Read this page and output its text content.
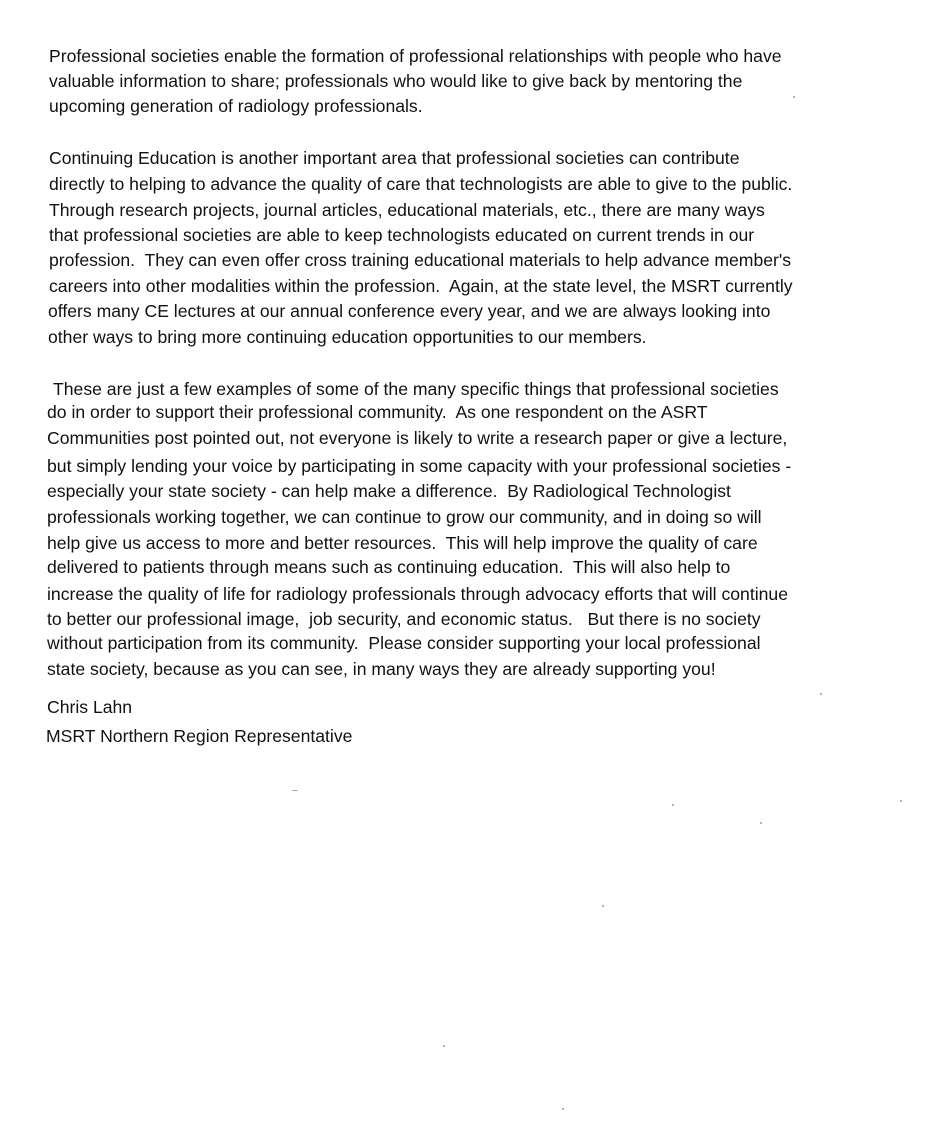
Professional societies enable the formation of professional relationships with people who have
valuable information to share; professionals who would like to give back by mentoring the
upcoming generation of radiology professionals.
Continuing Education is another important area that professional societies can contribute
directly to helping to advance the quality of care that technologists are able to give to the public.
Through research projects, journal articles, educational materials, etc., there are many ways
that professional societies are able to keep technologists educated on current trends in our
profession.  They can even offer cross training educational materials to help advance member's
careers into other modalities within the profession.  Again, at the state level, the MSRT currently
offers many CE lectures at our annual conference every year, and we are always looking into
other ways to bring more continuing education opportunities to our members.
These are just a few examples of some of the many specific things that professional societies
do in order to support their professional community.  As one respondent on the ASRT
Communities post pointed out, not everyone is likely to write a research paper or give a lecture,
but simply lending your voice by participating in some capacity with your professional societies -
especially your state society - can help make a difference.  By Radiological Technologist
professionals working together, we can continue to grow our community, and in doing so will
help give us access to more and better resources.  This will help improve the quality of care
delivered to patients through means such as continuing education.  This will also help to
increase the quality of life for radiology professionals through advocacy efforts that will continue
to better our professional image,  job security, and economic status.   But there is no society
without participation from its community.  Please consider supporting your local professional
state society, because as you can see, in many ways they are already supporting you!
Chris Lahn
MSRT Northern Region Representative
